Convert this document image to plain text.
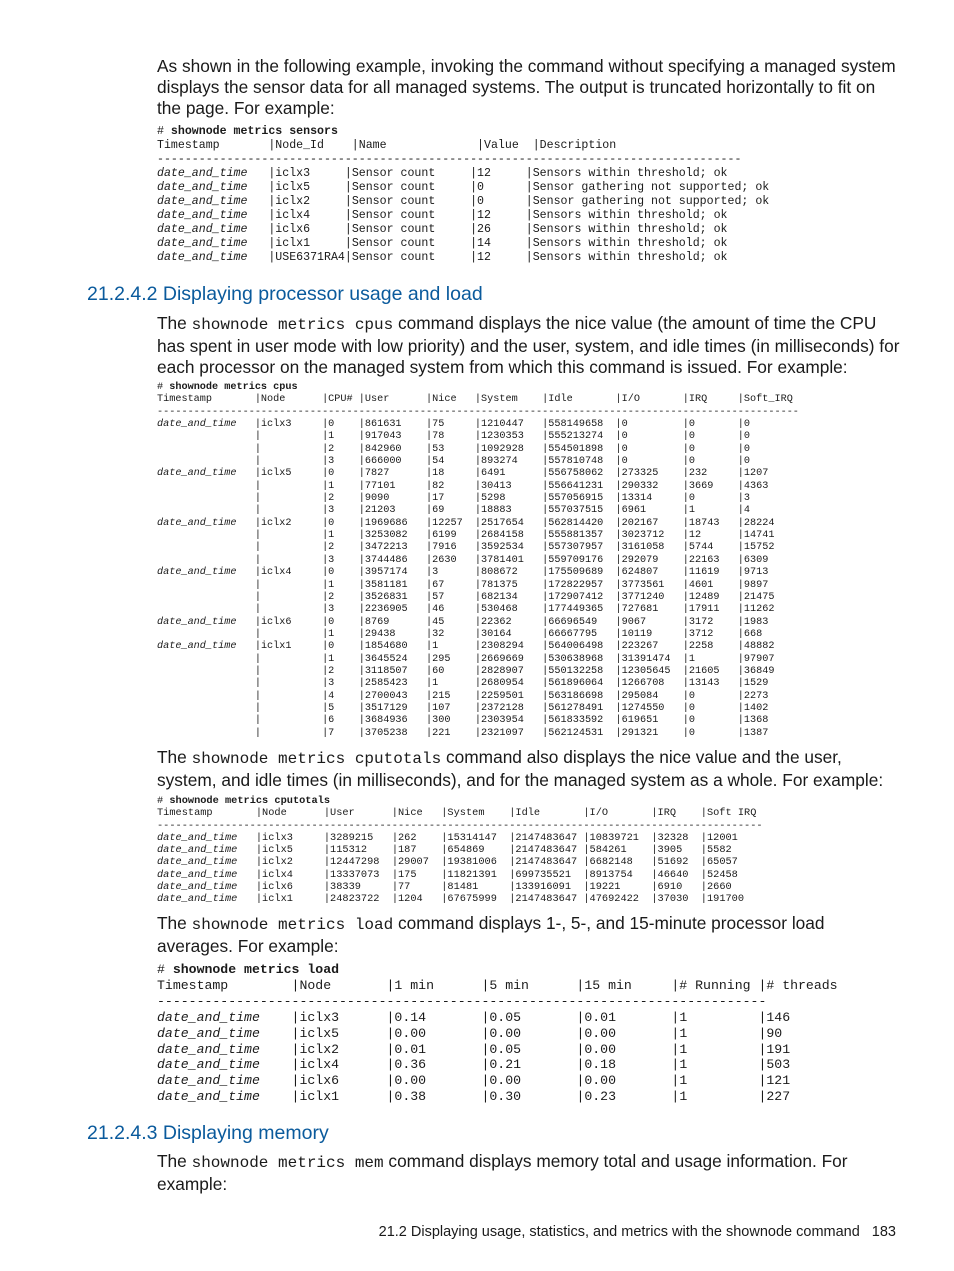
As shown in the following example, invoking the command without specifying a managed system displays the sensor data for all managed systems. The output is truncated horizontally to fit on the page. For example:

# shownode metrics sensors
Timestamp       |Node_Id    |Name             |Value  |Description
------------------------------------------------------------------------------------
date_and_time   |iclx3     |Sensor count     |12     |Sensors within threshold; ok
date_and_time   |iclx5     |Sensor count     |0      |Sensor gathering not supported; ok
date_and_time   |iclx2     |Sensor count     |0      |Sensor gathering not supported; ok
date_and_time   |iclx4     |Sensor count     |12     |Sensors within threshold; ok
date_and_time   |iclx6     |Sensor count     |26     |Sensors within threshold; ok
date_and_time   |iclx1     |Sensor count     |14     |Sensors within threshold; ok
date_and_time   |USE6371RA4|Sensor count     |12     |Sensors within threshold; ok
21.2.4.2 Displaying processor usage and load

The shownode metrics cpus command displays the nice value (the amount of time the CPU has spent in user mode with low priority) and the user, system, and idle times (in milliseconds) for each processor on the managed system from which this command is issued. For example:

# shownode metrics cpus
Timestamp       |Node      |CPU# |User      |Nice   |System    |Idle       |I/O       |IRQ     |Soft_IRQ
---------------------------------------------------------------------------------------------------------
date_and_time   |iclx3     |0    |861631    |75     |1210447   |558149658  |0         |0       |0
|          |1    |917043    |78     |1230353   |555213274  |0         |0       |0
|          |2    |842960    |53     |1092928   |554501898  |0         |0       |0
|          |3    |666000    |54     |893274    |557810748  |0         |0       |0
date_and_time   |iclx5     |0    |7827      |18     |6491      |556758062  |273325    |232     |1207
|          |1    |77101     |82     |30413     |556641231  |290332    |3669    |4363
|          |2    |9090      |17     |5298      |557056915  |13314     |0       |3
|          |3    |21203     |69     |18883     |557037515  |6961      |1       |4
date_and_time   |iclx2     |0    |1969686   |12257  |2517654   |562814420  |202167    |18743   |28224
|          |1    |3253082   |6199   |2684158   |555881357  |3023712   |12      |14741
|          |2    |3472213   |7916   |3592534   |557307957  |3161058   |5744    |15752
|          |3    |3744486   |2630   |3781401   |559709176  |292079    |22163   |6309
date_and_time   |iclx4     |0    |3957174   |3      |808672    |175509689  |624807    |11619   |9713
|          |1    |3581181   |67     |781375    |172822957  |3773561   |4601    |9897
|          |2    |3526831   |57     |682134    |172907412  |3771240   |12489   |21475
|          |3    |2236905   |46     |530468    |177449365  |727681    |17911   |11262
date_and_time   |iclx6     |0    |8769      |45     |22362     |66696549   |9067      |3172    |1983
|          |1    |29438     |32     |30164     |66667795   |10119     |3712    |668
date_and_time   |iclx1     |0    |1854680   |1      |2308294   |564006498  |223267    |2258    |48882
|          |1    |3645524   |295    |2669669   |530638968  |31391474  |1       |97907
|          |2    |3118507   |60     |2828907   |550132258  |12305645  |21605   |36849
|          |3    |2585423   |1      |2680954   |561896064  |1266708   |13143   |1529
|          |4    |2700043   |215    |2259501   |563186698  |295084    |0       |2273
|          |5    |3517129   |107    |2372128   |561278491  |1274550   |0       |1402
|          |6    |3684936   |300    |2303954   |561833592  |619651    |0       |1368
|          |7    |3705238   |221    |2321097   |562124531  |291321    |0       |1387

The shownode metrics cputotals command also displays the nice value and the user, system, and idle times (in milliseconds), and for the managed system as a whole. For example:

# shownode metrics cputotals
Timestamp       |Node      |User      |Nice   |System    |Idle       |I/O       |IRQ    |Soft IRQ
--------------------------------------------------------------------------------------------------
date_and_time   |iclx3     |3289215   |262    |15314147  |2147483647 |10839721  |32328  |12001
date_and_time   |iclx5     |115312    |187    |654869    |2147483647 |584261    |3905   |5582
date_and_time   |iclx2     |12447298  |29007  |19381006  |2147483647 |6682148   |51692  |65057
date_and_time   |iclx4     |13337073  |175    |11821391  |699735521  |8913754   |46640  |52458
date_and_time   |iclx6     |38339     |77     |81481     |133916091  |19221     |6910   |2660
date_and_time   |iclx1     |24823722  |1204   |67675999  |2147483647 |47692422  |37030  |191700

The shownode metrics load command displays 1-, 5-, and 15-minute processor load averages. For example:

# shownode metrics load
Timestamp        |Node       |1 min      |5 min      |15 min     |# Running |# threads
-----------------------------------------------------------------------------
date_and_time    |iclx3      |0.14       |0.05       |0.01       |1         |146
date_and_time    |iclx5      |0.00       |0.00       |0.00       |1         |90
date_and_time    |iclx2      |0.01       |0.05       |0.00       |1         |191
date_and_time    |iclx4      |0.36       |0.21       |0.18       |1         |503
date_and_time    |iclx6      |0.00       |0.00       |0.00       |1         |121
date_and_time    |iclx1      |0.38       |0.30       |0.23       |1         |227
21.2.4.3 Displaying memory

The shownode metrics mem command displays memory total and usage information. For example:

21.2 Displaying usage, statistics, and metrics with the shownode command 183
